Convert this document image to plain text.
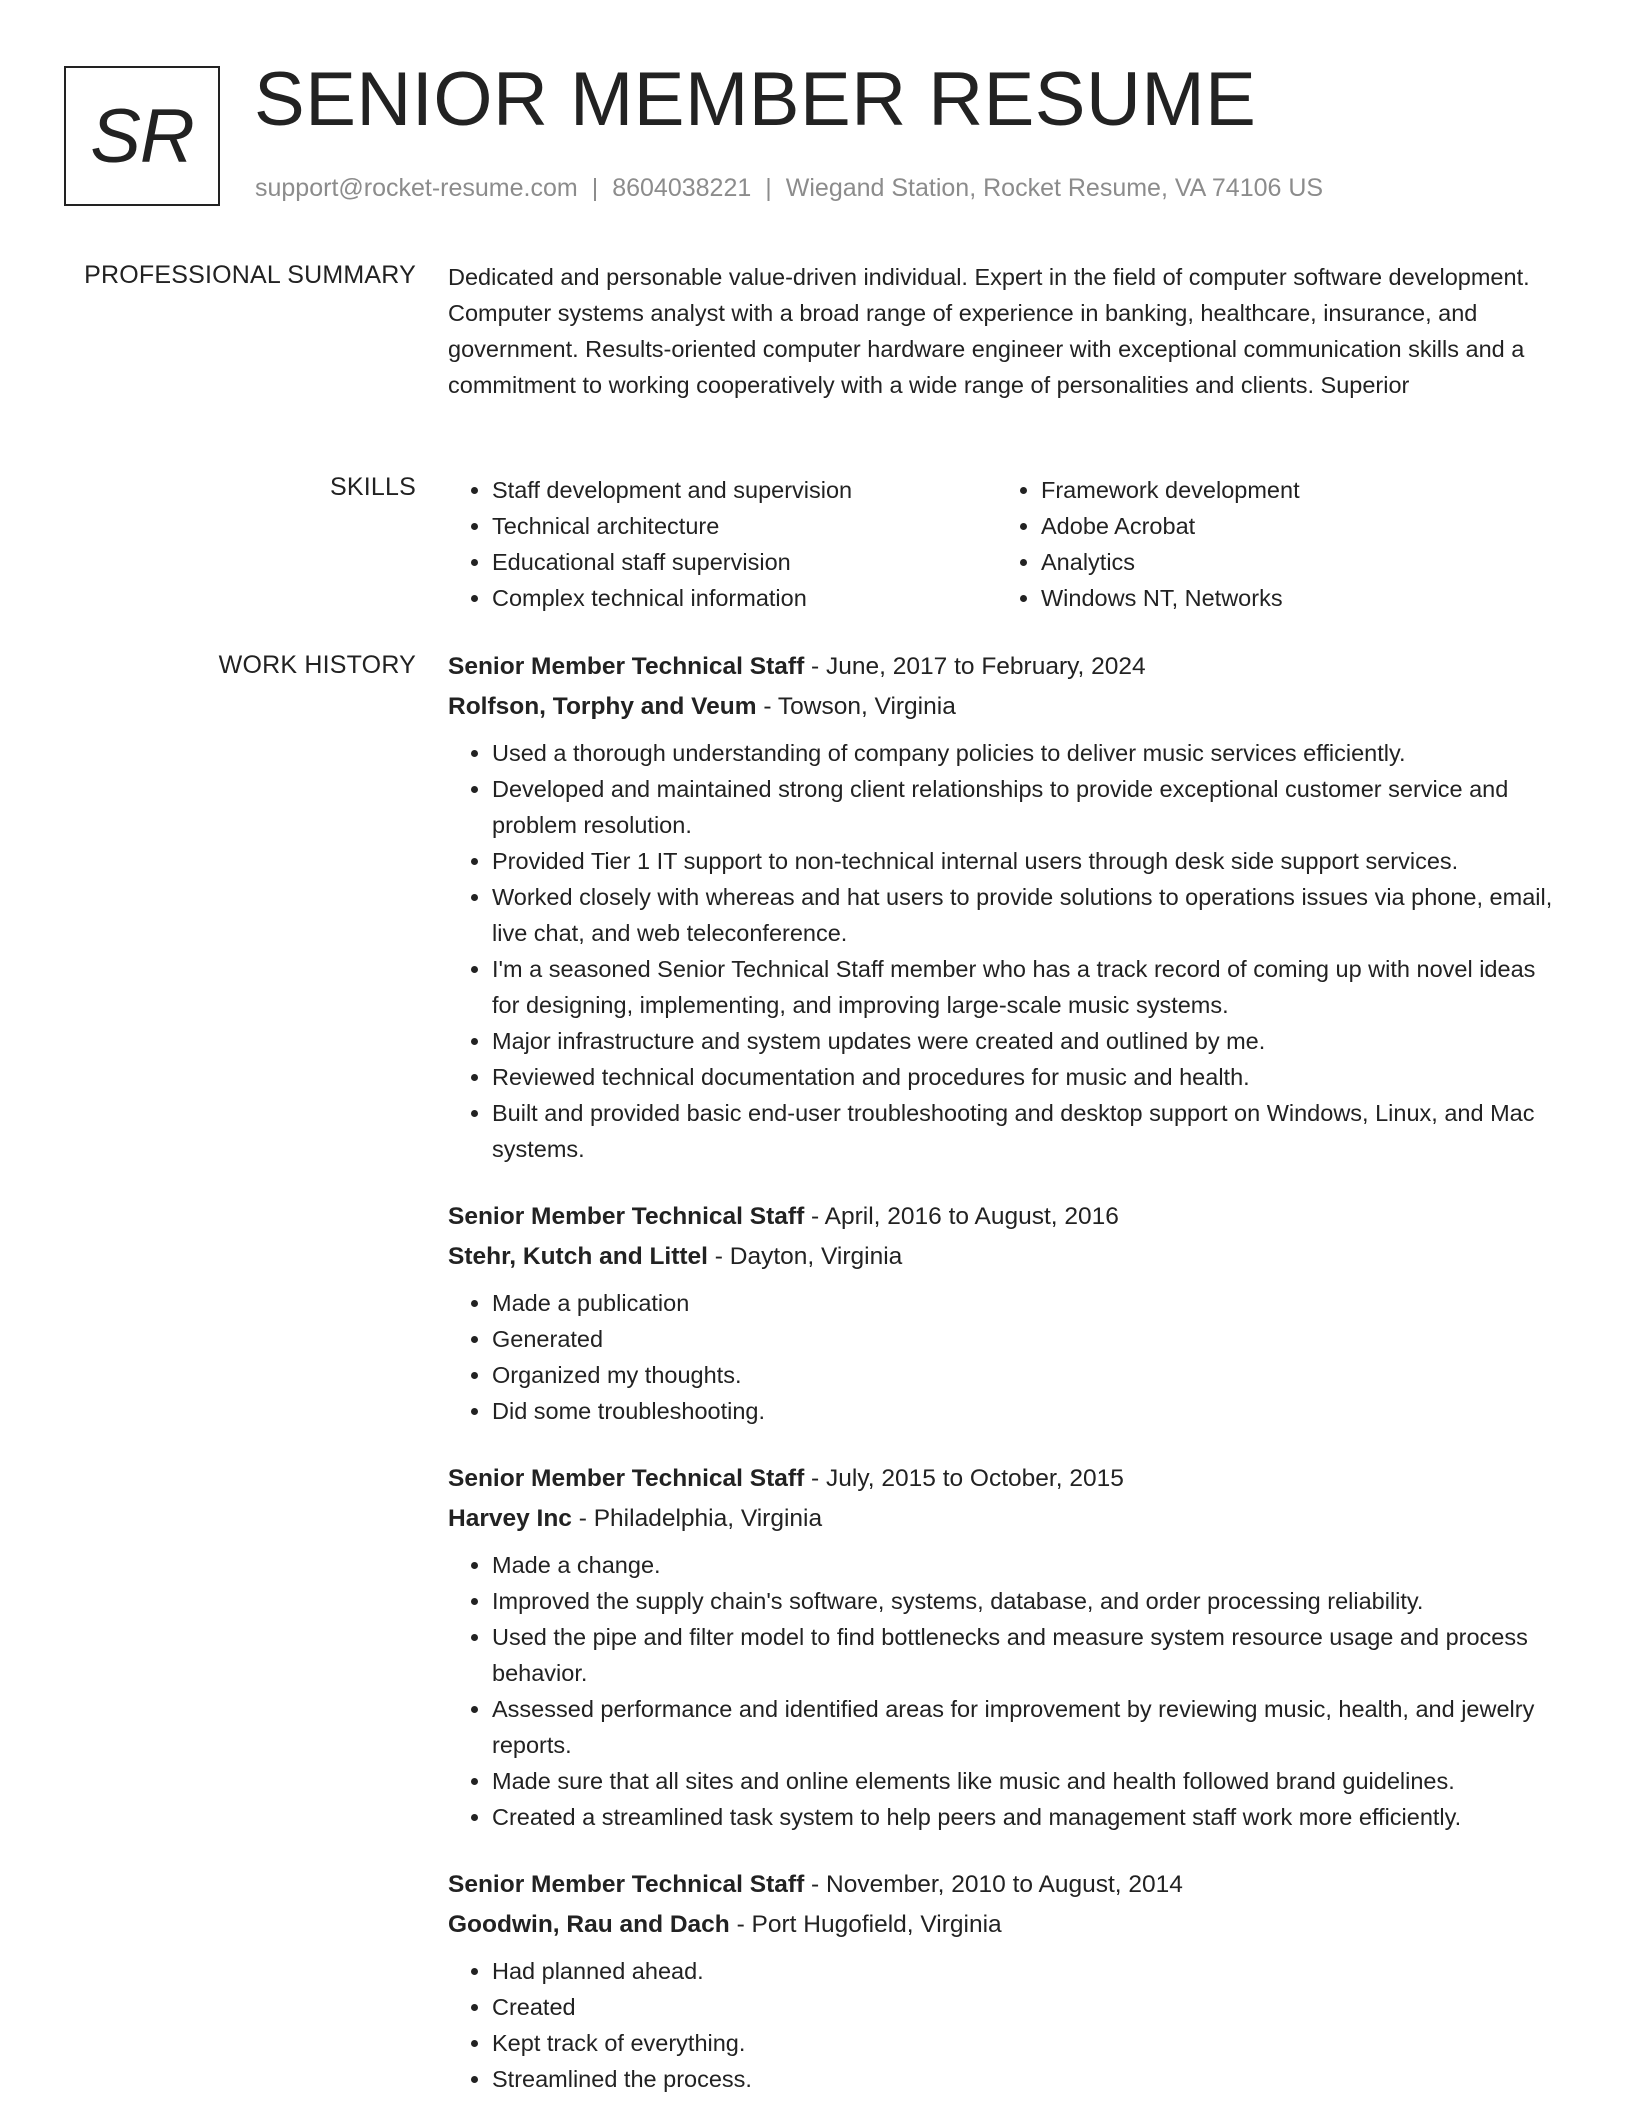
SR SENIOR MEMBER RESUME
support@rocket-resume.com | 8604038221 | Wiegand Station, Rocket Resume, VA 74106 US
PROFESSIONAL SUMMARY Dedicated and personable value-driven individual. Expert in the field of computer software development. Computer systems analyst with a broad range of experience in banking, healthcare, insurance, and government. Results-oriented computer hardware engineer with exceptional communication skills and a commitment to working cooperatively with a wide range of personalities and clients. Superior

SKILLS
•	Staff development and supervision
• Technical architecture
• Educational staff supervision
• Complex technical information
• Framework development
• Adobe Acrobat
• Analytics
• Windows NT, Networks
WORK HISTORY Senior Member Technical Staff - June, 2017 to February, 2024
Rolfson, Torphy and Veum - Towson, Virginia
• Used a thorough understanding of company policies to deliver music services efficiently.
• Developed and maintained strong client relationships to provide exceptional customer service and problem resolution.
• Provided Tier 1 IT support to non-technical internal users through desk side support services.
• Worked closely with whereas and hat users to provide solutions to operations issues via phone, email, live chat, and web teleconference.
• I'm a seasoned Senior Technical Staff member who has a track record of coming up with novel ideas for designing, implementing, and improving large-scale music systems.
• Major infrastructure and system updates were created and outlined by me.
• Reviewed technical documentation and procedures for music and health.
• Built and provided basic end-user troubleshooting and desktop support on Windows, Linux, and Mac systems.
Senior Member Technical Staff - April, 2016 to August, 2016
Stehr, Kutch and Littel - Dayton, Virginia
• Made a publication
• Generated
• Organized my thoughts.
• Did some troubleshooting.
Senior Member Technical Staff - July, 2015 to October, 2015
Harvey Inc - Philadelphia, Virginia
• Made a change.
• Improved the supply chain's software, systems, database, and order processing reliability.
• Used the pipe and filter model to find bottlenecks and measure system resource usage and process behavior.
• Assessed performance and identified areas for improvement by reviewing music, health, and jewelry reports.
• Made sure that all sites and online elements like music and health followed brand guidelines.
• Created a streamlined task system to help peers and management staff work more efficiently.
Senior Member Technical Staff - November, 2010 to August, 2014
Goodwin, Rau and Dach - Port Hugofield, Virginia
• Had planned ahead.
• Created
• Kept track of everything.
• Streamlined the process.
